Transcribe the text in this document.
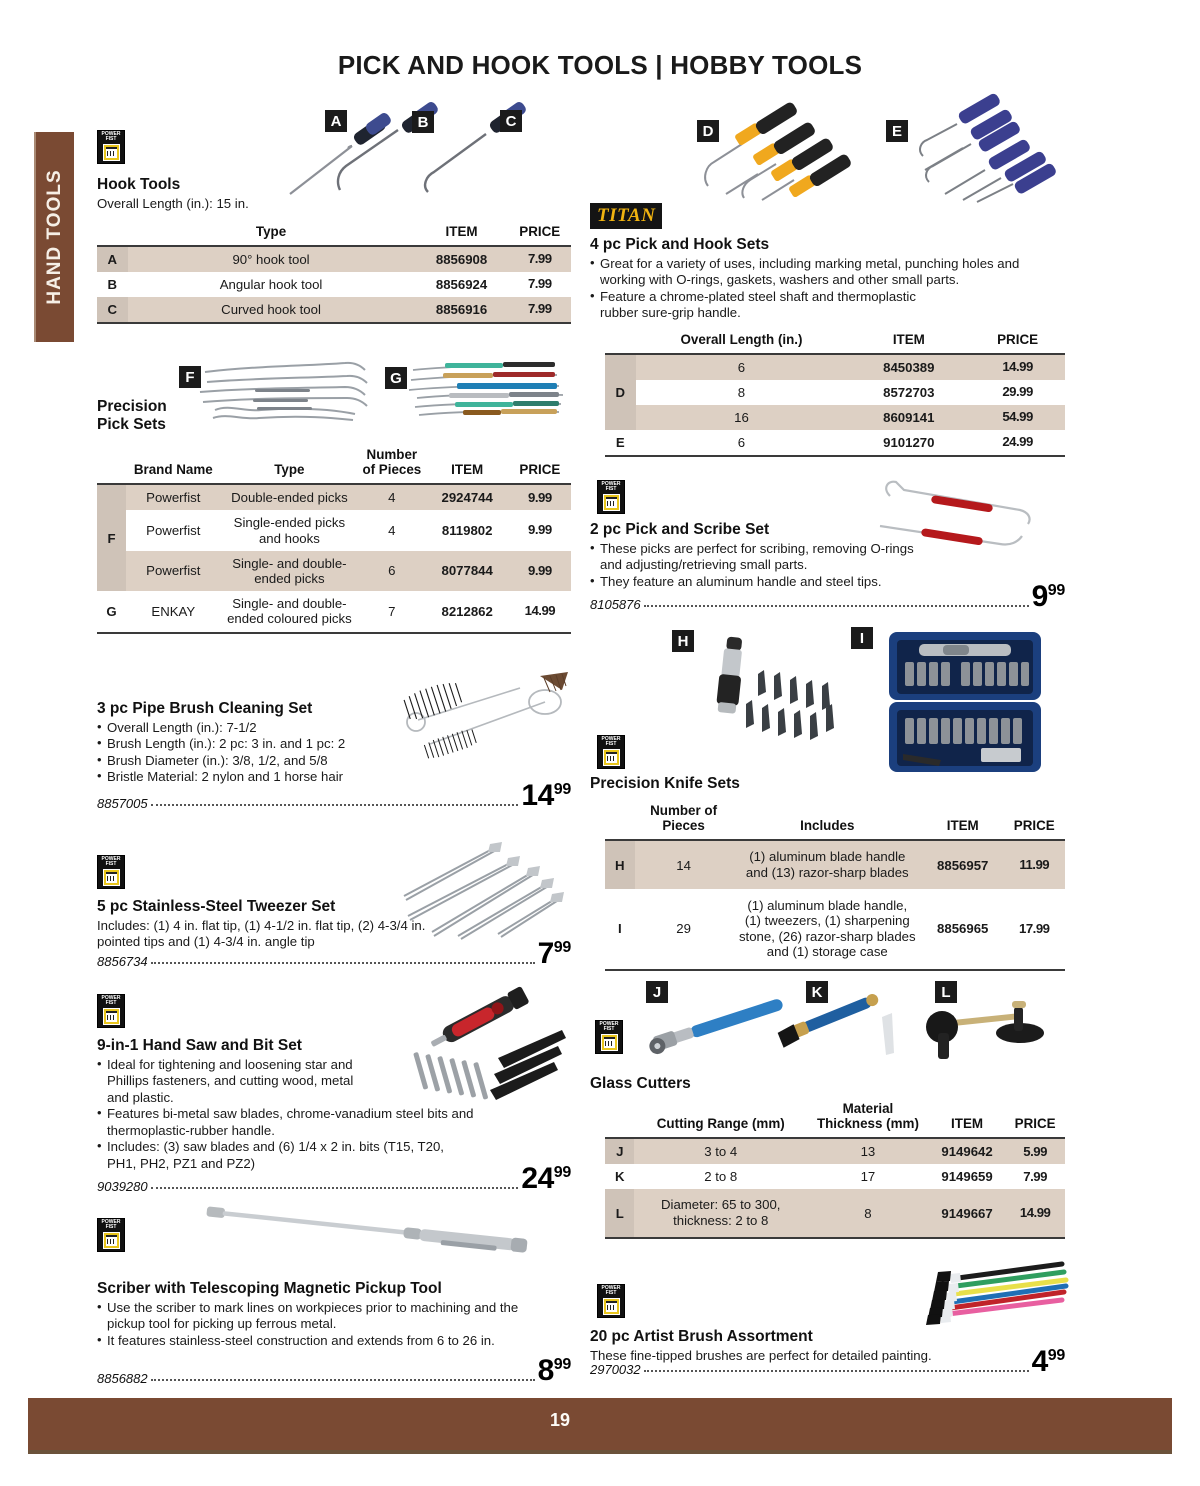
PICK AND HOOK TOOLS | HOBBY TOOLS
HAND TOOLS
A	B	C
POWER
FIST
Hook Tools
Overall Length (in.): 15 in.
	Type	ITEM	PRICE
A	90° hook tool	8856908	7.99
B	Angular hook tool	8856924	7.99
C	Curved hook tool	8856916	7.99
F	G
Precision
Pick Sets
	Brand Name	Type	Number of Pieces	ITEM	PRICE
F	Powerfist	Double-ended picks	4	2924744	9.99
	Powerfist	Single-ended picks and hooks	4	8119802	9.99
	Powerfist	Single- and double-ended picks	6	8077844	9.99
G	ENKAY	Single- and double-ended coloured picks	7	8212862	14.99
3 pc Pipe Brush Cleaning Set
• Overall Length (in.): 7-1/2
• Brush Length (in.): 2 pc: 3 in. and 1 pc: 2
• Brush Diameter (in.): 3/8, 1/2, and 5/8
• Bristle Material: 2 nylon and 1 horse hair
8857005	$14^{99}$
POWER
FIST
5 pc Stainless-Steel Tweezer Set
Includes: (1) 4 in. flat tip, (1) 4-1/2 in. flat tip, (2) 4-3/4 in. pointed tips and (1) 4-3/4 in. angle tip
8856734	$7^{99}$
POWER
FIST
9-in-1 Hand Saw and Bit Set
• Ideal for tightening and loosening star and Phillips fasteners, and cutting wood, metal and plastic.
• Features bi-metal saw blades, chrome-vanadium steel bits and thermoplastic-rubber handle.
• Includes: (3) saw blades and (6) 1/4 x 2 in. bits (T15, T20, PH1, PH2, PZ1 and PZ2)
9039280	$24^{99}$
POWER
FIST
Scriber with Telescoping Magnetic Pickup Tool
• Use the scriber to mark lines on workpieces prior to machining and the pickup tool for picking up ferrous metal.
• It features stainless-steel construction and extends from 6 to 26 in.
8856882	$8^{99}$
D	E
TITAN
4 pc Pick and Hook Sets
• Great for a variety of uses, including marking metal, punching holes and working with O-rings, gaskets, washers and other small parts.
• Feature a chrome-plated steel shaft and thermoplastic rubber sure-grip handle.
	Overall Length (in.)	ITEM	PRICE
D	6	8450389	14.99
	8	8572703	29.99
	16	8609141	54.99
E	6	9101270	24.99
POWER
FIST
2 pc Pick and Scribe Set
• These picks are perfect for scribing, removing O-rings and adjusting/retrieving small parts.
• They feature an aluminum handle and steel tips.
8105876	$9^{99}$
H	I
POWER
FIST
Precision Knife Sets
	Number of Pieces	Includes	ITEM	PRICE
H	14	(1) aluminum blade handle and (13) razor-sharp blades	8856957	11.99
I	29	(1) aluminum blade handle, (1) tweezers, (1) sharpening stone, (26) razor-sharp blades and (1) storage case	8856965	17.99
J	K	L
POWER
FIST
Glass Cutters
	Cutting Range (mm)	Material Thickness (mm)	ITEM	PRICE
J	3 to 4	13	9149642	5.99
K	2 to 8	17	9149659	7.99
L	Diameter: 65 to 300, thickness: 2 to 8	8	9149667	14.99
POWER
FIST
20 pc Artist Brush Assortment
These fine-tipped brushes are perfect for detailed painting.
2970032	$4^{99}$
19
